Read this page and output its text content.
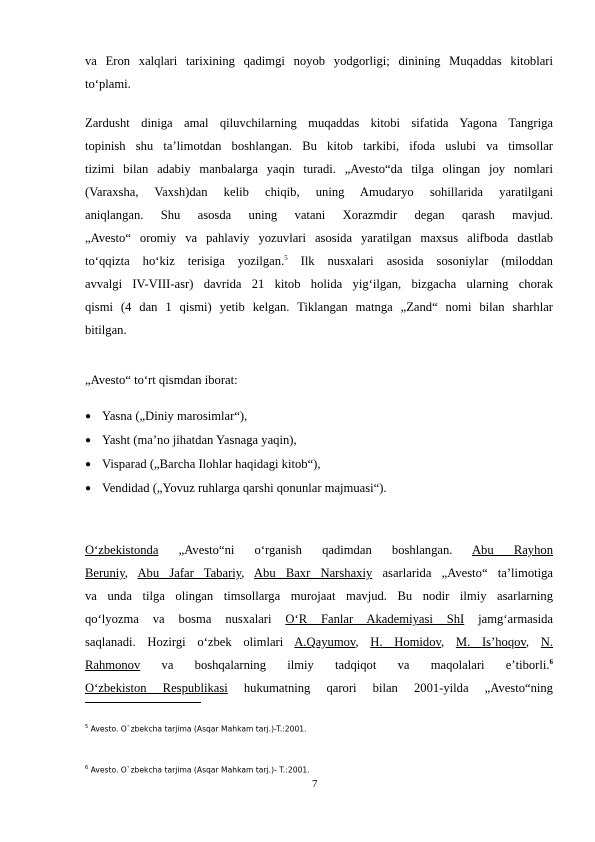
va Eron xalqlari tarixining qadimgi noyob yodgorligi; dinining Muqaddas kitoblari
to‘plami.
Zardusht diniga amal qiluvchilarning muqaddas kitobi sifatida Yagona Tangriga
topinish shu taʼlimotdan boshlangan. Bu kitob tarkibi, ifoda uslubi va timsollar
tizimi bilan adabiy manbalarga yaqin turadi. „Avesto“da tilga olingan joy nomlari
(Varaxsha, Vaxsh)dan kelib chiqib, uning Amudaryo sohillarida yaratilgani
aniqlangan. Shu asosda uning vatani Xorazmdir degan qarash mavjud.
„Avesto“ oromiy va pahlaviy yozuvlari asosida yaratilgan maxsus alifboda dastlab
to‘qqizta ho‘kiz terisiga yozilgan.$^5$ Ilk nusxalari asosida sosoniylar (miloddan
avvalgi IV-VIII-asr) davrida 21 kitob holida yig‘ilgan, bizgacha ularning chorak
qismi (4 dan 1 qismi) yetib kelgan. Tiklangan matnga „Zand“ nomi bilan sharhlar
bitilgan.
„Avesto“ to‘rt qismdan iborat:
● Yasna („Diniy marosimlar“),
● Yasht (maʼno jihatdan Yasnaga yaqin),
● Visparad („Barcha Ilohlar haqidagi kitob“),
● Vendidad („Yovuz ruhlarga qarshi qonunlar majmuasi“).
O‘zbekistonda „Avesto“ni o‘rganish qadimdan boshlangan. Abu Rayhon
Beruniy, Abu Jafar Tabariy, Abu Baxr Narshaxiy asarlarida „Avesto“ taʼlimotiga
va unda tilga olingan timsollarga murojaat mavjud. Bu nodir ilmiy asarlarning
qo‘lyozma va bosma nusxalari O‘R Fanlar Akademiyasi ShI jamg‘armasida
saqlanadi. Hozirgi o‘zbek olimlari A.Qayumov, H. Homidov, M. Isʼhoqov, N.
Rahmonov va boshqalarning ilmiy tadqiqot va maqolalari eʼtiborli.$^6$
O‘zbekiston Respublikasi hukumatning qarori bilan 2001-yilda „Avesto“ning
$^5$ Avesto. O`zbekcha tarjima (Asqar Mahkam tarj.)-T.:2001.
$^6$ Avesto. O`zbekcha tarjima (Asqar Mahkam tarj.)- T.:2001.
7
